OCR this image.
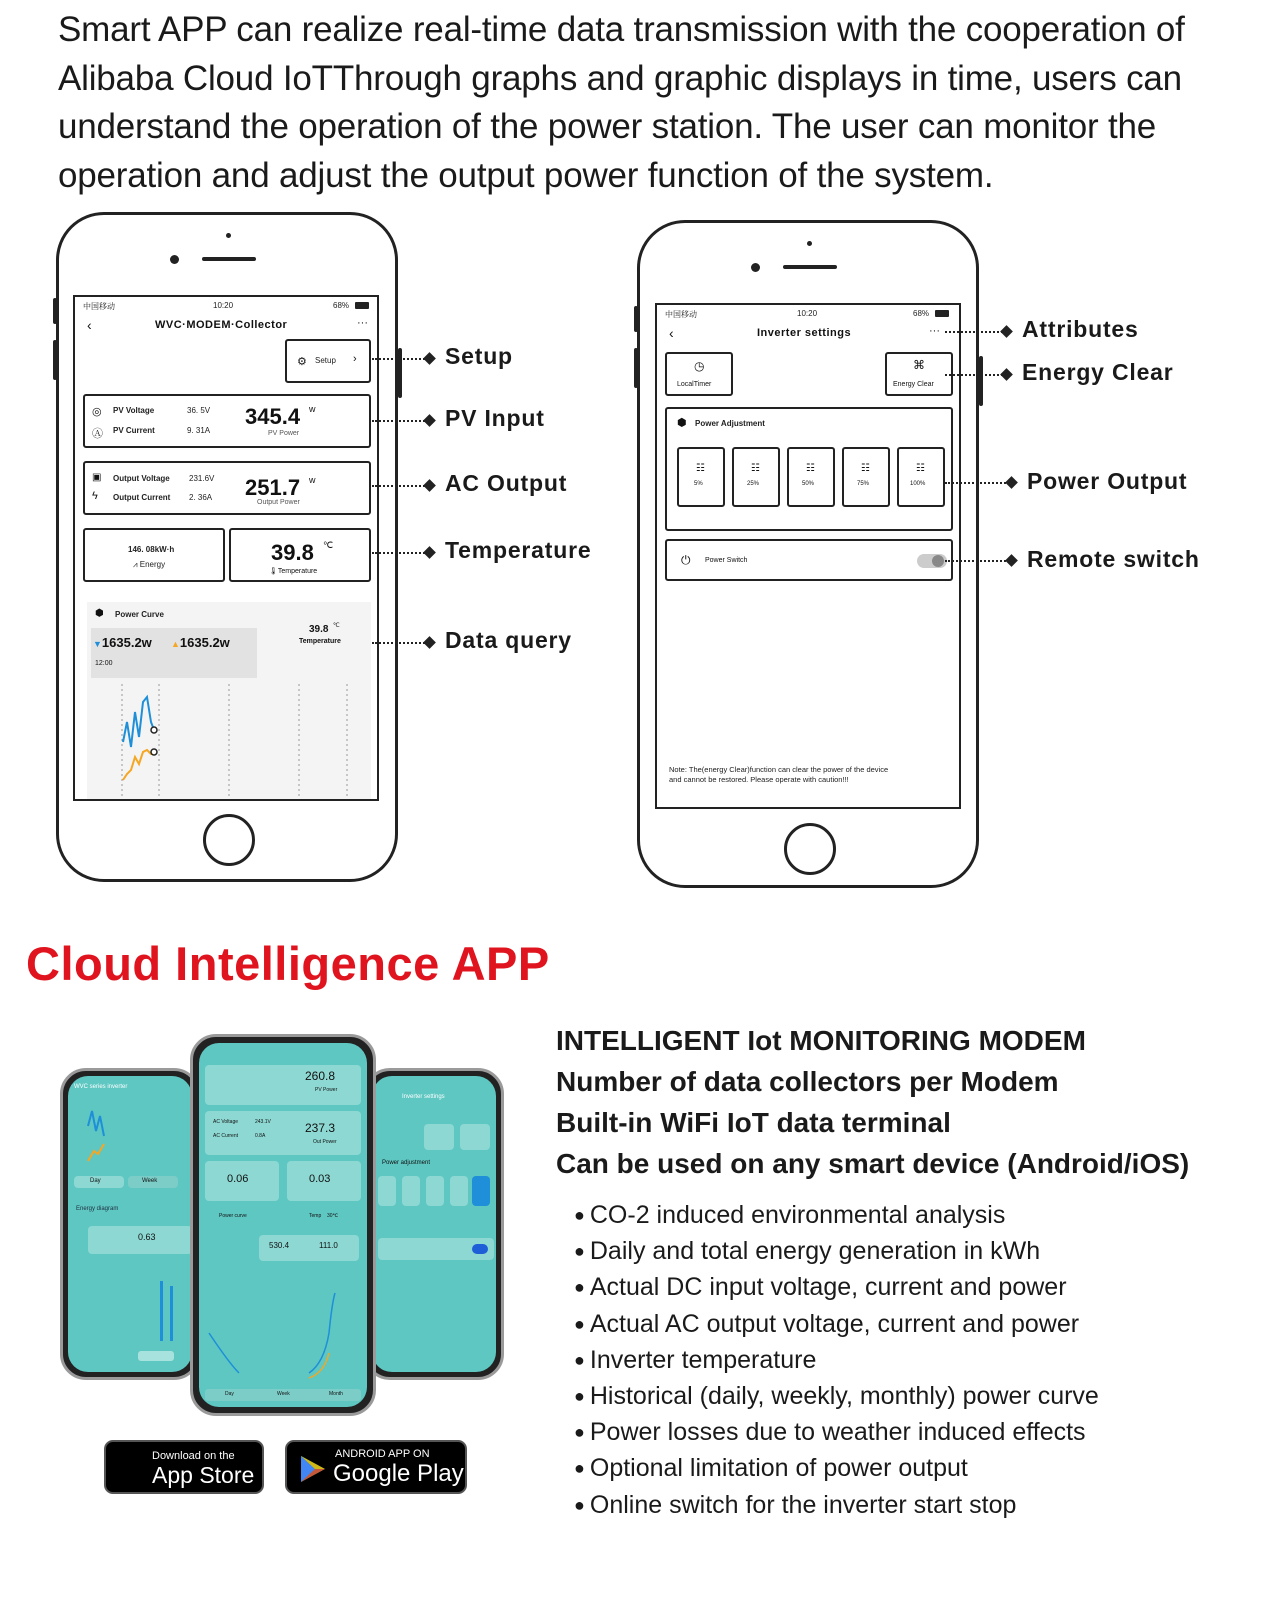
Smart APP can realize real-time data transmission with the cooperation of Alibaba Cloud IoTThrough graphs and graphic displays in time, users can understand the operation of the power station. The user can monitor the operation and adjust the output power function of the system.
中国移动	10:20	68%
‹	WVC·MODEM·Collector	···
⚙ Setup ›
◎ PV Voltage	36. 5V
Ⓐ PV Current	9. 31A
345.4 w
PV Power
▣ Output Voltage 231.6V
ϟ Output Current 2. 36A 251.7 w
Output Power
146. 08kW·h
⩘ Energy	39.8 ℃
🌡Temperature
⬢ Power Curve
▼1635.2w ▲1635.2w
12:00
39.8 ℃
Temperature
Setup
PV Input
AC Output
Temperature
Data query
中国移动	10:20	68%
‹	Inverter settings	···
◷
LocalTimer
⌘
Energy Clear
⬢ Power Adjustment
☷
5%
☷
25%
☷
50%
☷
75%
☷
100%
⏻ Power Switch
Note: The(energy Clear)function can clear the power of the device and cannot be restored. Please operate with caution!!!
Attributes
Energy Clear
Power Output
Remote switch
Cloud Intelligence APP
WVC series inverter
Day	Week
Energy diagram
0.63
Inverter settings
Power adjustment
260.8
PV Power
AC Voltage	243.1V
AC Current	0.8A
237.3
Out Power
0.06	0.03
Power curve	Temp 30℃
530.4	111.0
Day	Week	Month
Download on the
App Store
ANDROID APP ON
Google Play
INTELLIGENT Iot MONITORING MODEM
Number of data collectors per Modem
Built-in WiFi IoT data terminal
Can be used on any smart device (Android/iOS)
● CO-2 induced environmental analysis
● Daily and total energy generation in kWh
● Actual DC input voltage, current and power
● Actual AC output voltage, current and power
● Inverter temperature
● Historical (daily, weekly, monthly) power curve
● Power losses due to weather induced effects
● Optional limitation of power output
● Online switch for the inverter start stop
